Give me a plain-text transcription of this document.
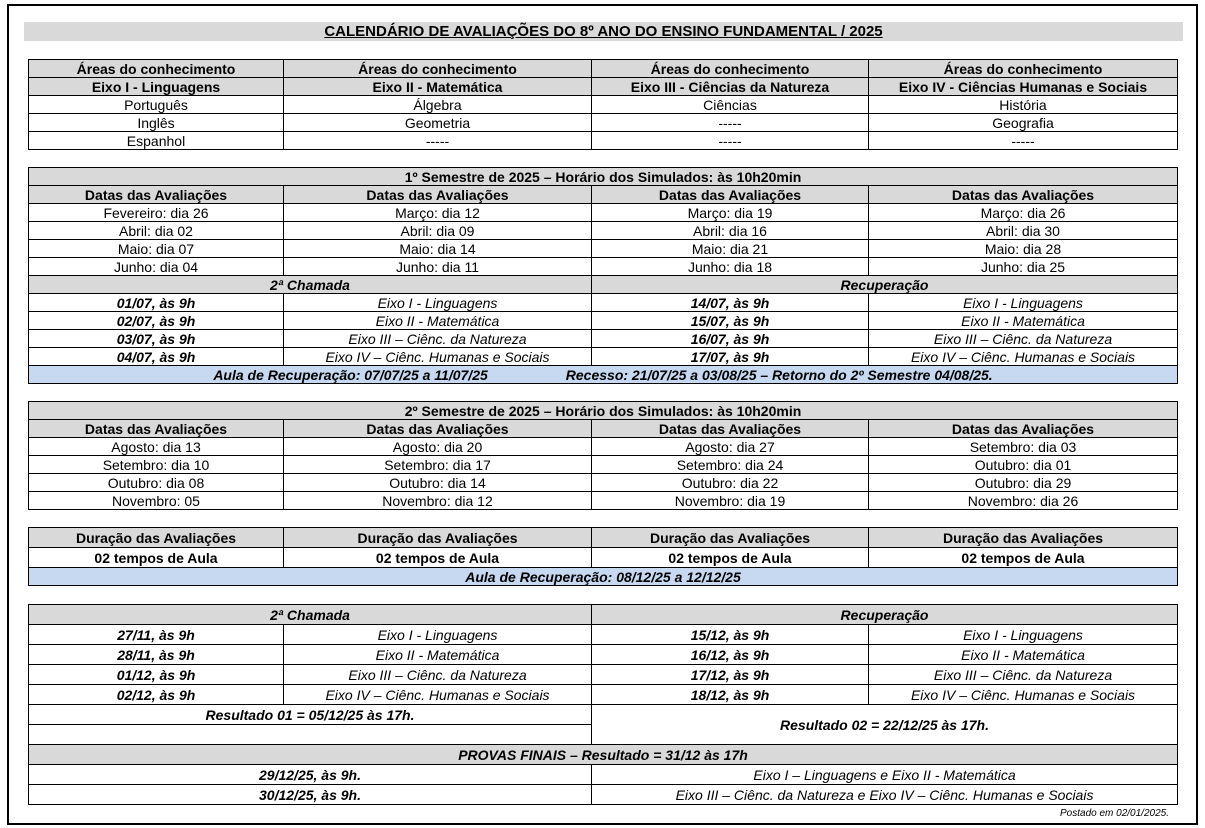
CALENDÁRIO DE AVALIAÇÕES DO 8º ANO DO ENSINO FUNDAMENTAL / 2025
Áreas do conhecimento	Áreas do conhecimento	Áreas do conhecimento	Áreas do conhecimento
Eixo I - Linguagens	Eixo II - Matemática	Eixo III - Ciências da Natureza	Eixo IV - Ciências Humanas e Sociais
Português	Álgebra	Ciências	História
Inglês	Geometria	-----	Geografia
Espanhol	-----	-----	-----
1º Semestre de 2025 – Horário dos Simulados: às 10h20min			
Datas das Avaliações	Datas das Avaliações	Datas das Avaliações	Datas das Avaliações
Fevereiro: dia 26	Março: dia 12	Março: dia 19	Março: dia 26
Abril: dia 02	Abril: dia 09	Abril: dia 16	Abril: dia 30
Maio: dia 07	Maio: dia 14	Maio: dia 21	Maio: dia 28
Junho: dia 04	Junho: dia 11	Junho: dia 18	Junho: dia 25
2ª Chamada		Recuperação	
01/07, às 9h	Eixo I - Linguagens	14/07, às 9h	Eixo I - Linguagens
02/07, às 9h	Eixo II - Matemática	15/07, às 9h	Eixo II - Matemática
03/07, às 9h	Eixo III – Ciênc. da Natureza	16/07, às 9h	Eixo III – Ciênc. da Natureza
04/07, às 9h	Eixo IV – Ciênc. Humanas e Sociais	17/07, às 9h	Eixo IV – Ciênc. Humanas e Sociais
Aula de Recuperação: 07/07/25 a 11/07/25 Recesso: 21/07/25 a 03/08/25 – Retorno do 2º Semestre 04/08/25.			
2º Semestre de 2025 – Horário dos Simulados: às 10h20min			
Datas das Avaliações	Datas das Avaliações	Datas das Avaliações	Datas das Avaliações
Agosto: dia 13	Agosto: dia 20	Agosto: dia 27	Setembro: dia 03
Setembro: dia 10	Setembro: dia 17	Setembro: dia 24	Outubro: dia 01
Outubro: dia 08	Outubro: dia 14	Outubro: dia 22	Outubro: dia 29
Novembro: 05	Novembro: dia 12	Novembro: dia 19	Novembro: dia 26
Duração das Avaliações	Duração das Avaliações	Duração das Avaliações	Duração das Avaliações
02 tempos de Aula	02 tempos de Aula	02 tempos de Aula	02 tempos de Aula
Aula de Recuperação: 08/12/25 a 12/12/25			
2ª Chamada		Recuperação	
27/11, às 9h	Eixo I - Linguagens	15/12, às 9h	Eixo I - Linguagens
28/11, às 9h	Eixo II - Matemática	16/12, às 9h	Eixo II - Matemática
01/12, às 9h	Eixo III – Ciênc. da Natureza	17/12, às 9h	Eixo III – Ciênc. da Natureza
02/12, às 9h	Eixo IV – Ciênc. Humanas e Sociais	18/12, às 9h	Eixo IV – Ciênc. Humanas e Sociais
Resultado 01 = 05/12/25 às 17h.		Resultado 02 = 22/12/25 às 17h.	

PROVAS FINAIS – Resultado = 31/12 às 17h			
29/12/25, às 9h.		Eixo I – Linguagens e Eixo II - Matemática	
30/12/25, às 9h.		Eixo III – Ciênc. da Natureza e Eixo IV – Ciênc. Humanas e Sociais	
Postado em 02/01/2025.
